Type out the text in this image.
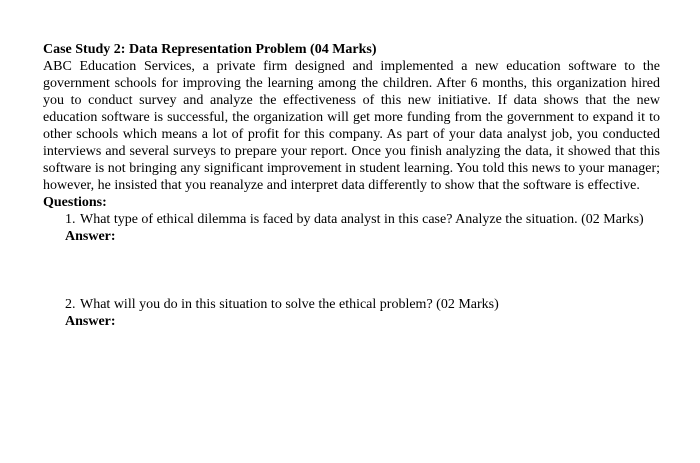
Case Study 2: Data Representation Problem (04 Marks)

ABC Education Services, a private firm designed and implemented a new education software to the government schools for improving the learning among the children. After 6 months, this organization hired you to conduct survey and analyze the effectiveness of this new initiative. If data shows that the new education software is successful, the organization will get more funding from the government to expand it to other schools which means a lot of profit for this company. As part of your data analyst job, you conducted interviews and several surveys to prepare your report. Once you finish analyzing the data, it showed that this software is not bringing any significant improvement in student learning. You told this news to your manager; however, he insisted that you reanalyze and interpret data differently to show that the software is effective.

Questions:

1. What type of ethical dilemma is faced by data analyst in this case? Analyze the situation. (02 Marks)

Answer:

2. What will you do in this situation to solve the ethical problem? (02 Marks)

Answer:
